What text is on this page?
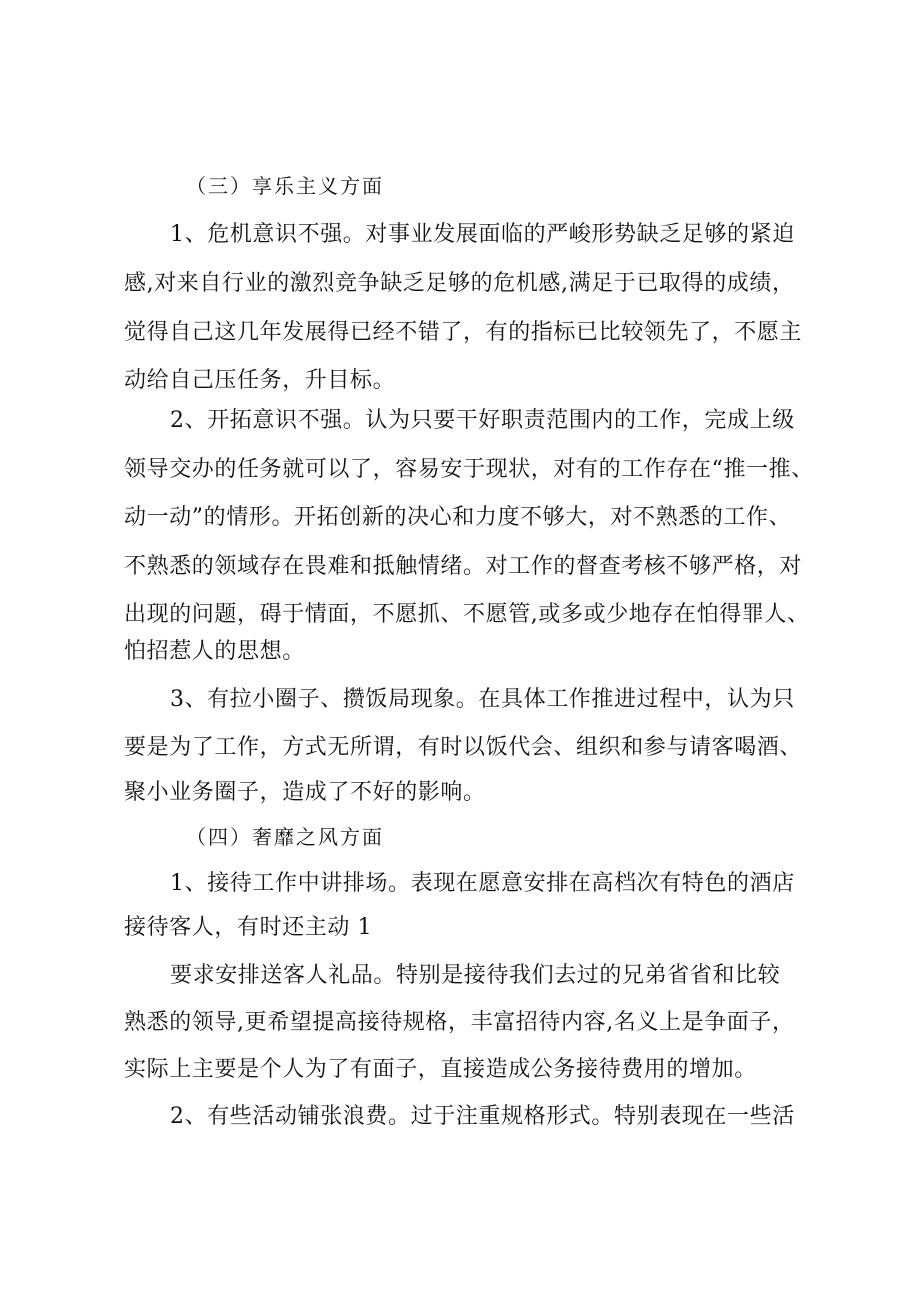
（三）享乐主义方面
1、危机意识不强。对事业发展面临的严峻形势缺乏足够的紧迫
感,对来自行业的激烈竞争缺乏足够的危机感,满足于已取得的成绩，
觉得自己这几年发展得已经不错了，有的指标已比较领先了，不愿主
动给自己压任务，升目标。
2、开拓意识不强。认为只要干好职责范围内的工作，完成上级
领导交办的任务就可以了，容易安于现状，对有的工作存在“推一推、
动一动”的情形。开拓创新的决心和力度不够大，对不熟悉的工作、
不熟悉的领域存在畏难和抵触情绪。对工作的督查考核不够严格，对
出现的问题，碍于情面，不愿抓、不愿管,或多或少地存在怕得罪人、
怕招惹人的思想。
3、有拉小圈子、攒饭局现象。在具体工作推进过程中，认为只
要是为了工作，方式无所谓，有时以饭代会、组织和参与请客喝酒、
聚小业务圈子，造成了不好的影响。
（四）奢靡之风方面
1、接待工作中讲排场。表现在愿意安排在高档次有特色的酒店
接待客人，有时还主动 1
要求安排送客人礼品。特别是接待我们去过的兄弟省省和比较
熟悉的领导,更希望提高接待规格，丰富招待内容,名义上是争面子，
实际上主要是个人为了有面子，直接造成公务接待费用的增加。
2、有些活动铺张浪费。过于注重规格形式。特别表现在一些活
